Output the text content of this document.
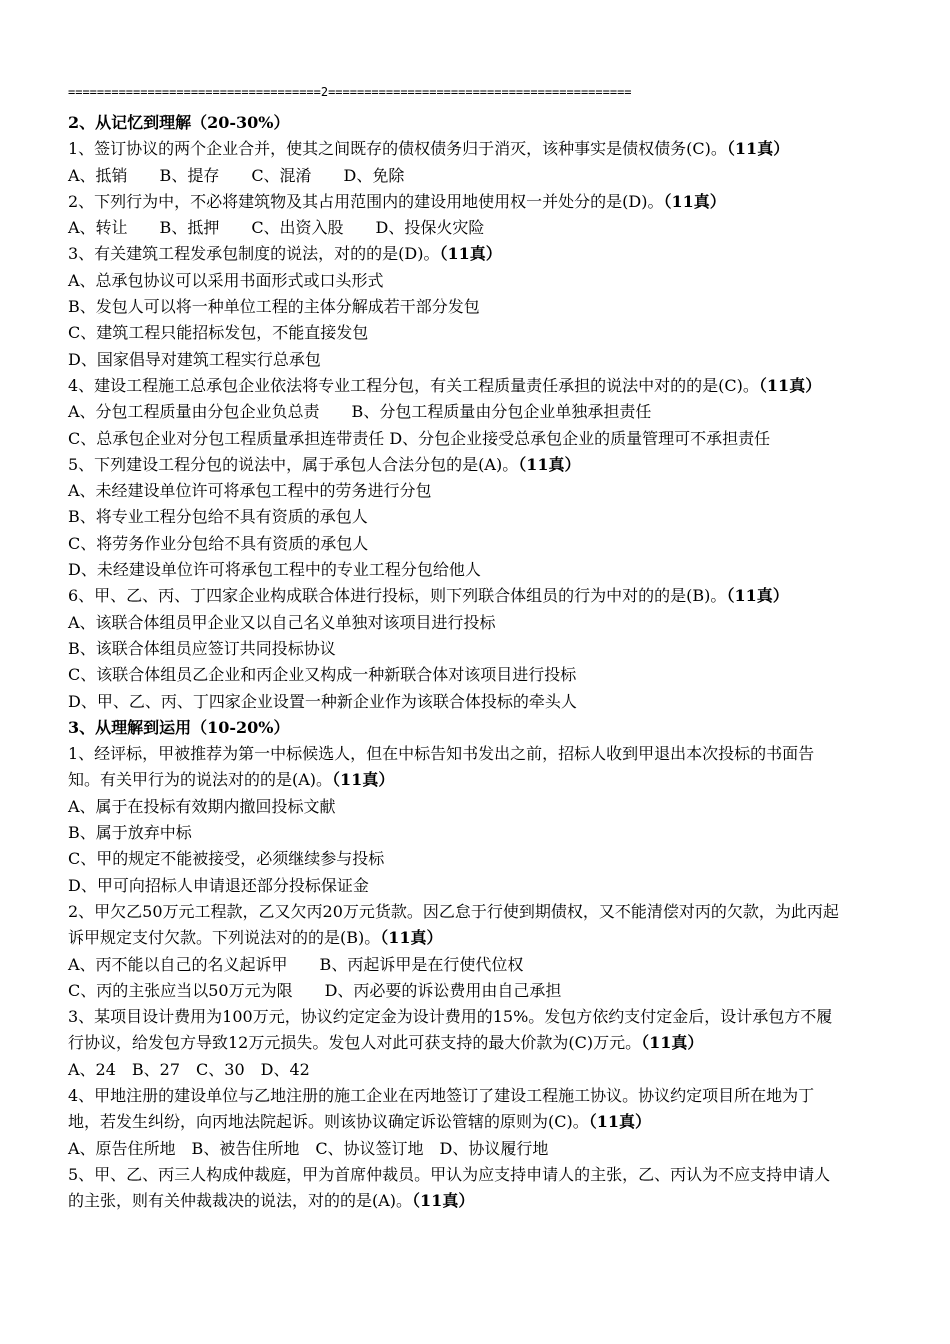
===================================2==========================================
2、从记忆到理解（20-30%）
1、签订协议的两个企业合并，使其之间既存的债权债务归于消灭，该种事实是债权债务(C)。（11真）
A、抵销　　B、提存　　C、混淆　　D、免除
2、下列行为中，不必将建筑物及其占用范围内的建设用地使用权一并处分的是(D)。（11真）
A、转让　　B、抵押　　C、出资入股　　D、投保火灾险
3、有关建筑工程发承包制度的说法，对的的是(D)。（11真）
A、总承包协议可以采用书面形式或口头形式
B、发包人可以将一种单位工程的主体分解成若干部分发包
C、建筑工程只能招标发包，不能直接发包
D、国家倡导对建筑工程实行总承包
4、建设工程施工总承包企业依法将专业工程分包，有关工程质量责任承担的说法中对的的是(C)。（11真）
A、分包工程质量由分包企业负总责　　B、分包工程质量由分包企业单独承担责任
C、总承包企业对分包工程质量承担连带责任 D、分包企业接受总承包企业的质量管理可不承担责任
5、下列建设工程分包的说法中，属于承包人合法分包的是(A)。（11真）
A、未经建设单位许可将承包工程中的劳务进行分包
B、将专业工程分包给不具有资质的承包人
C、将劳务作业分包给不具有资质的承包人
D、未经建设单位许可将承包工程中的专业工程分包给他人
6、甲、乙、丙、丁四家企业构成联合体进行投标，则下列联合体组员的行为中对的的是(B)。（11真）
A、该联合体组员甲企业又以自己名义单独对该项目进行投标
B、该联合体组员应签订共同投标协议
C、该联合体组员乙企业和丙企业又构成一种新联合体对该项目进行投标
D、甲、乙、丙、丁四家企业设置一种新企业作为该联合体投标的牵头人
3、从理解到运用（10-20%）
1、经评标，甲被推荐为第一中标候选人，但在中标告知书发出之前，招标人收到甲退出本次投标的书面告知。有关甲行为的说法对的的是(A)。（11真）
A、属于在投标有效期内撤回投标文献
B、属于放弃中标
C、甲的规定不能被接受，必须继续参与投标
D、甲可向招标人申请退还部分投标保证金
2、甲欠乙50万元工程款，乙又欠丙20万元货款。因乙怠于行使到期债权，又不能清偿对丙的欠款，为此丙起诉甲规定支付欠款。下列说法对的的是(B)。（11真）
A、丙不能以自己的名义起诉甲　　B、丙起诉甲是在行使代位权
C、丙的主张应当以50万元为限　　D、丙必要的诉讼费用由自己承担
3、某项目设计费用为100万元，协议约定定金为设计费用的15%。发包方依约支付定金后，设计承包方不履行协议，给发包方导致12万元损失。发包人对此可获支持的最大价款为(C)万元。（11真）
A、24　B、27　C、30　D、42
4、甲地注册的建设单位与乙地注册的施工企业在丙地签订了建设工程施工协议。协议约定项目所在地为丁地，若发生纠纷，向丙地法院起诉。则该协议确定诉讼管辖的原则为(C)。（11真）
A、原告住所地　B、被告住所地　C、协议签订地　D、协议履行地
5、甲、乙、丙三人构成仲裁庭，甲为首席仲裁员。甲认为应支持申请人的主张，乙、丙认为不应支持申请人的主张，则有关仲裁裁决的说法，对的的是(A)。（11真）
